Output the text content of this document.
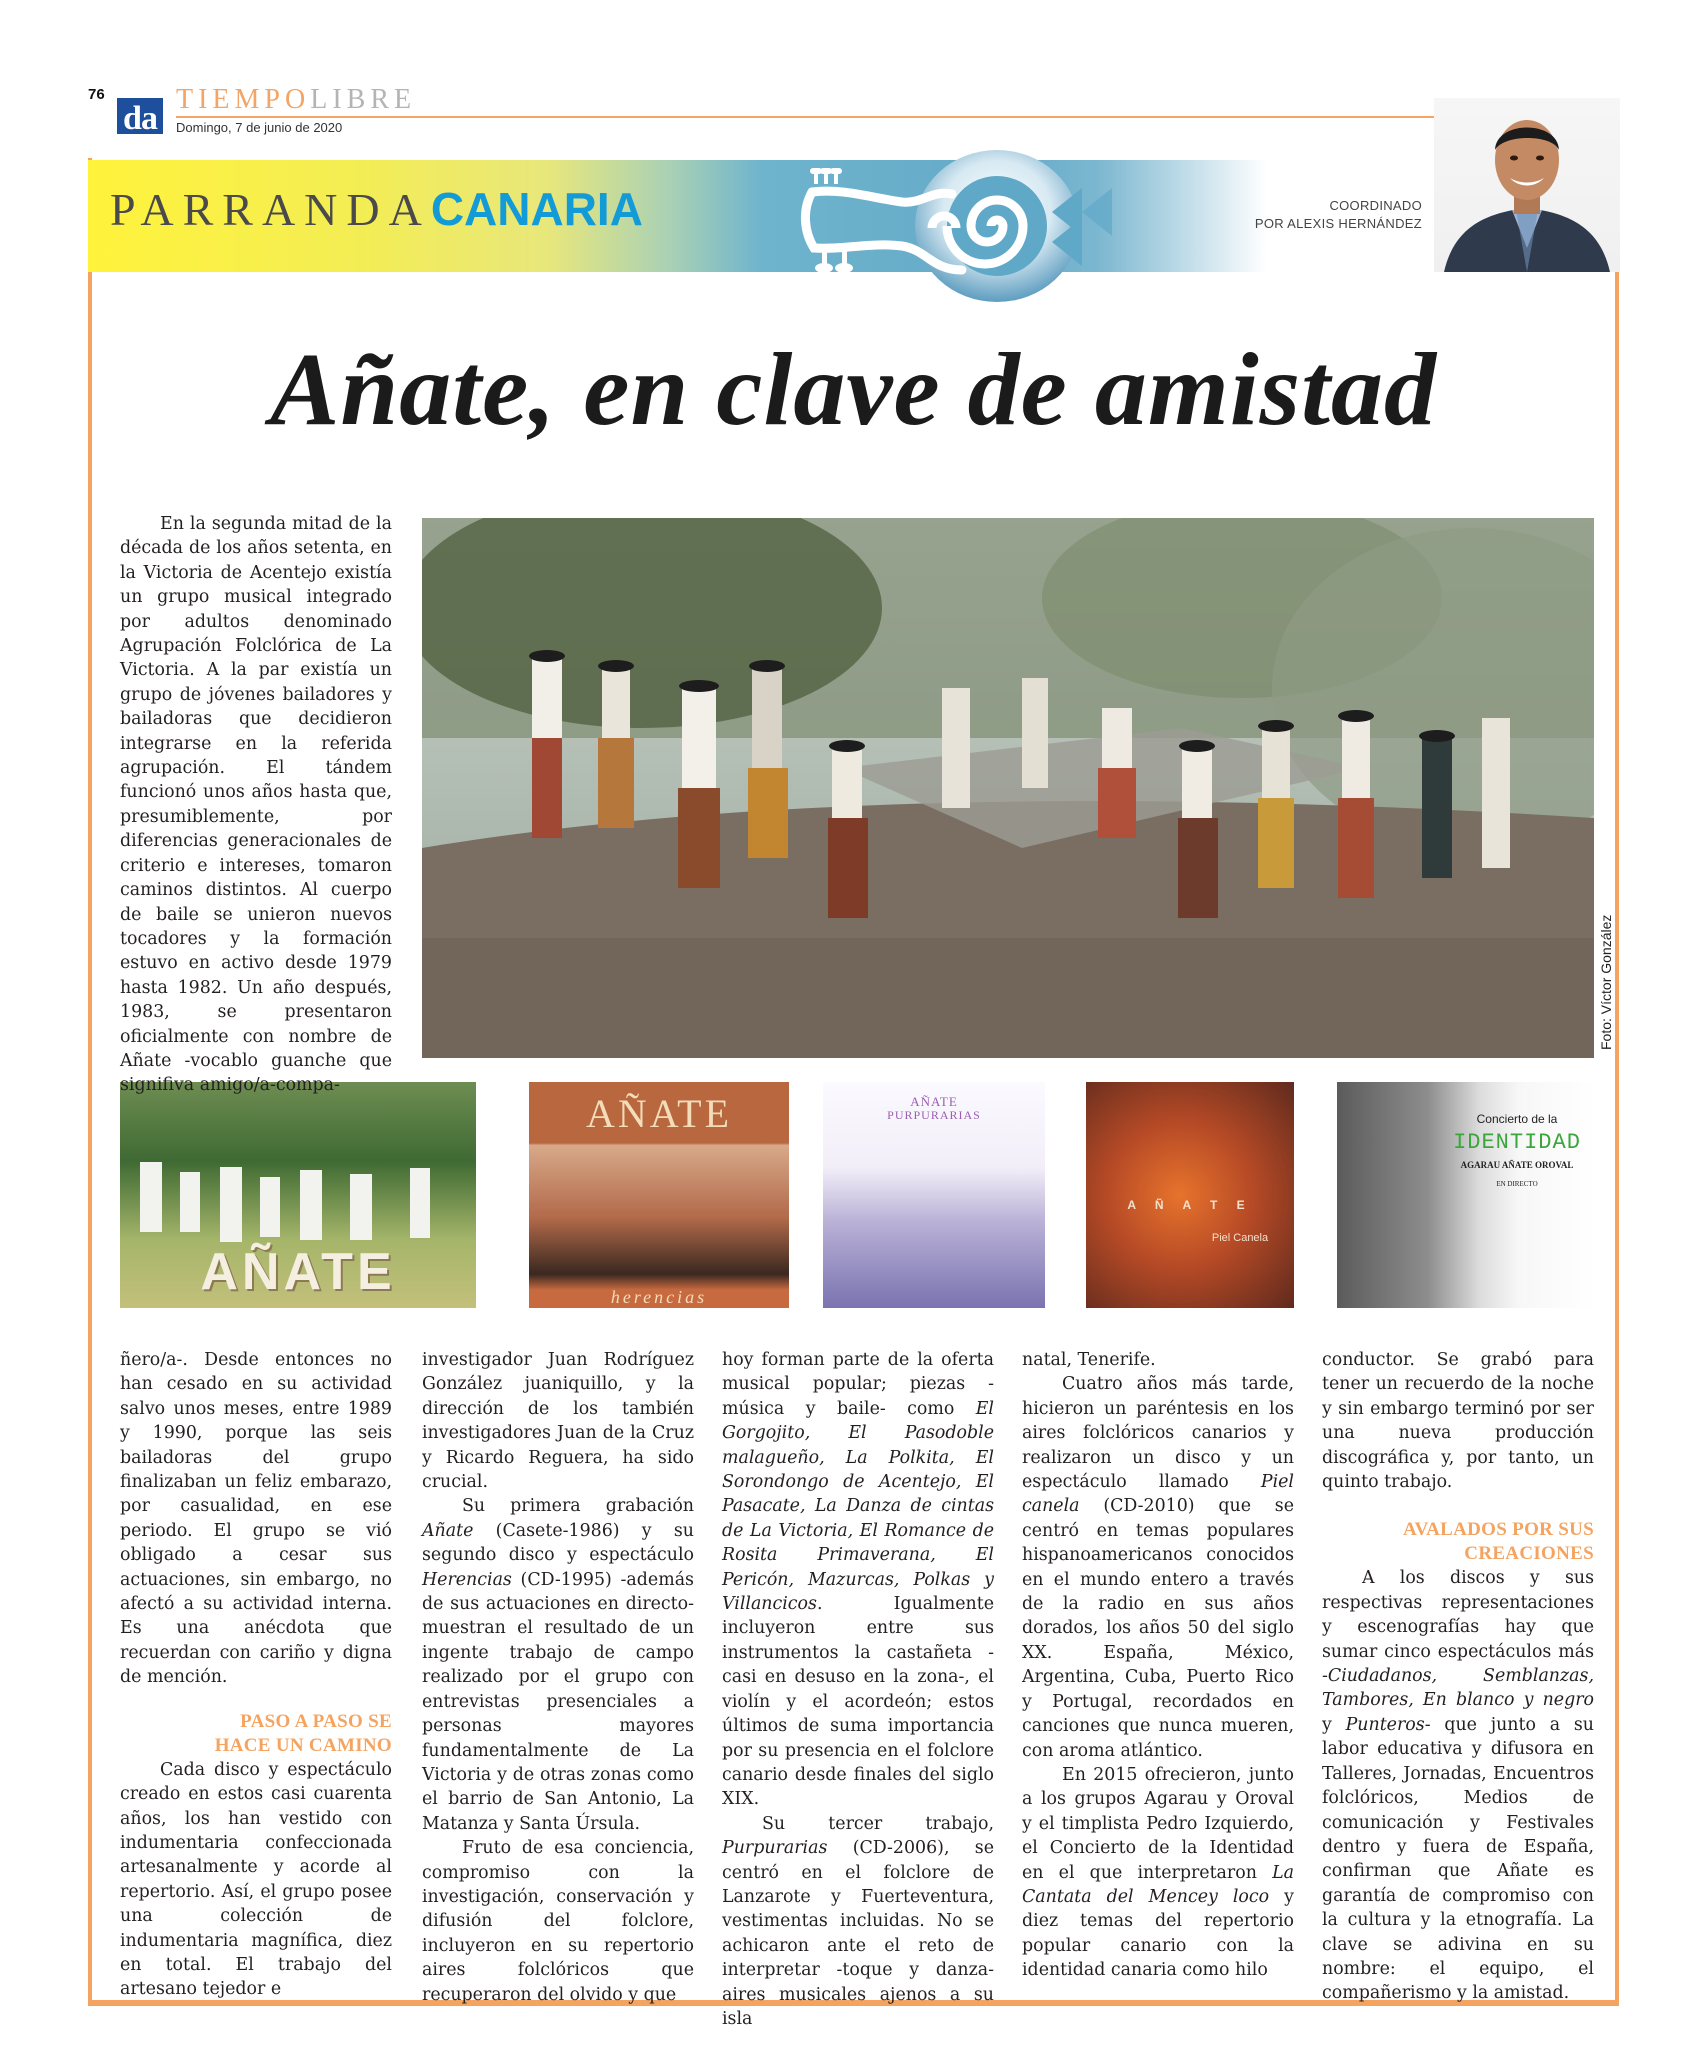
76
da
TIEMPOLIBRE
Domingo, 7 de junio de 2020
PARRANDACANARIA	COORDINADO
POR ALEXIS HERNÁNDEZ
Añate, en clave de amistad
Foto: Víctor González
AÑATE
AÑATE
herencias
AÑATE
PURPURARIAS
A Ñ A T E
Piel Canela
Concierto de la
IDENTIDAD
AGARAU AÑATE OROVAL
EN DIRECTO

En la segunda mitad de la década de los años setenta, en la Victoria de Acentejo existía un grupo musical integrado por adultos denominado Agrupación Folclórica de La Victoria. A la par existía un grupo de jóvenes bailadores y bailadoras que decidieron integrarse en la referida agrupación. El tándem funcionó unos años hasta que, presumiblemente, por diferencias generacionales de criterio e intereses, tomaron caminos distintos. Al cuerpo de baile se unieron nuevos tocadores y la formación estuvo en activo desde 1979 hasta 1982. Un año después, 1983, se presentaron oficialmente con nombre de Añate -vocablo guanche que signifiva amigo/a-compa-

ñero/a-. Desde entonces no han cesado en su actividad salvo unos meses, entre 1989 y 1990, porque las seis bailadoras del grupo finalizaban un feliz embarazo, por casualidad, en ese periodo. El grupo se vió obligado a cesar sus actuaciones, sin embargo, no afectó a su actividad interna. Es una anécdota que recuerdan con cariño y digna de mención.

PASO A PASO SE
HACE UN CAMINO

Cada disco y espectáculo creado en estos casi cuarenta años, los han vestido con indumentaria confeccionada artesanalmente y acorde al repertorio. Así, el grupo posee una colección de indumentaria magnífica, diez en total. El trabajo del artesano tejedor e

investigador Juan Rodríguez González juaniquillo, y la dirección de los también investigadores Juan de la Cruz y Ricardo Reguera, ha sido crucial.

Su primera grabación Añate (Casete-1986) y su segundo disco y espectáculo Herencias (CD-1995) -además de sus actuaciones en directo- muestran el resultado de un ingente trabajo de campo realizado por el grupo con entrevistas presenciales a personas mayores fundamentalmente de La Victoria y de otras zonas como el barrio de San Antonio, La Matanza y Santa Úrsula.

Fruto de esa conciencia, compromiso con la investigación, conservación y difusión del folclore, incluyeron en su repertorio aires folclóricos que recuperaron del olvido y que

hoy forman parte de la oferta musical popular; piezas -música y baile- como El Gorgojito, El Pasodoble malagueño, La Polkita, El Sorondongo de Acentejo, El Pasacate, La Danza de cintas de La Victoria, El Romance de Rosita Primaverana, El Pericón, Mazurcas, Polkas y Villancicos. Igualmente incluyeron entre sus instrumentos la castañeta -casi en desuso en la zona-, el violín y el acordeón; estos últimos de suma importancia por su presencia en el folclore canario desde finales del siglo XIX.

Su tercer trabajo, Purpurarias (CD-2006), se centró en el folclore de Lanzarote y Fuerteventura, vestimentas incluidas. No se achicaron ante el reto de interpretar -toque y danza- aires musicales ajenos a su isla

natal, Tenerife.

Cuatro años más tarde, hicieron un paréntesis en los aires folclóricos canarios y realizaron un disco y un espectáculo llamado Piel canela (CD-2010) que se centró en temas populares hispanoamericanos conocidos en el mundo entero a través de la radio en sus años dorados, los años 50 del siglo XX. España, México, Argentina, Cuba, Puerto Rico y Portugal, recordados en canciones que nunca mueren, con aroma atlántico.

En 2015 ofrecieron, junto a los grupos Agarau y Oroval y el timplista Pedro Izquierdo, el Concierto de la Identidad en el que interpretaron La Cantata del Mencey loco y diez temas del repertorio popular canario con la identidad canaria como hilo

conductor. Se grabó para tener un recuerdo de la noche y sin embargo terminó por ser una nueva producción discográfica y, por tanto, un quinto trabajo.

AVALADOS POR SUS
CREACIONES

A los discos y sus respectivas representaciones y escenografías hay que sumar cinco espectáculos más -Ciudadanos, Semblanzas, Tambores, En blanco y negro y Punteros- que junto a su labor educativa y difusora en Talleres, Jornadas, Encuentros folclóricos, Medios de comunicación y Festivales dentro y fuera de España, confirman que Añate es garantía de compromiso con la cultura y la etnografía. La clave se adivina en su nombre: el equipo, el compañerismo y la amistad.
